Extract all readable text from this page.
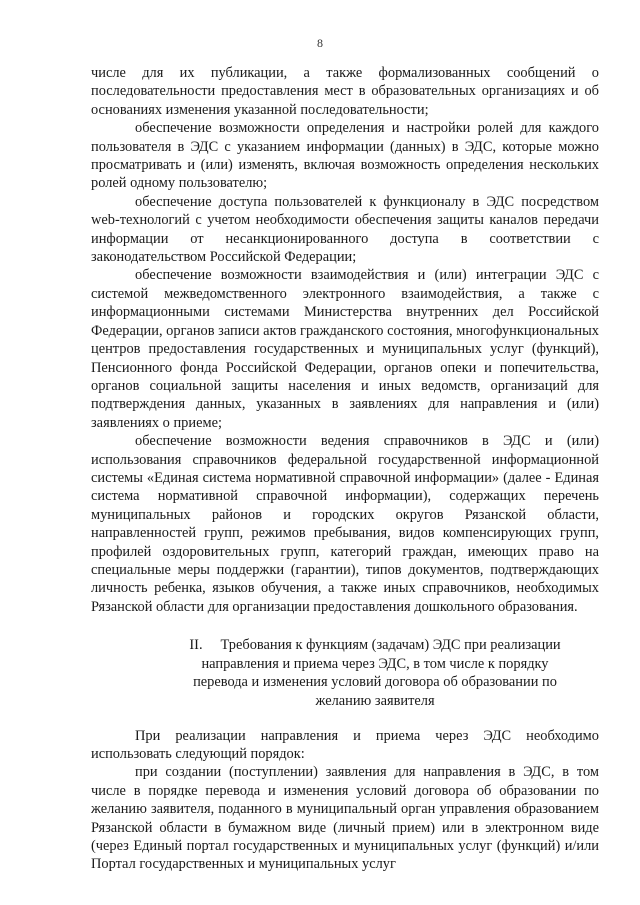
8

числе для их публикации, а также формализованных сообщений о последовательности предоставления мест в образовательных организациях и об основаниях изменения указанной последовательности;

обеспечение возможности определения и настройки ролей для каждого пользователя в ЭДС с указанием информации (данных) в ЭДС, которые можно просматривать и (или) изменять, включая возможность определения нескольких ролей одному пользователю;

обеспечение доступа пользователей к функционалу в ЭДС посредством web-технологий с учетом необходимости обеспечения защиты каналов передачи информации от несанкционированного доступа в соответствии с законодательством Российской Федерации;

обеспечение возможности взаимодействия и (или) интеграции ЭДС с системой межведомственного электронного взаимодействия, а также с информационными системами Министерства внутренних дел Российской Федерации, органов записи актов гражданского состояния, многофункциональных центров предоставления государственных и муниципальных услуг (функций), Пенсионного фонда Российской Федерации, органов опеки и попечительства, органов социальной защиты населения и иных ведомств, организаций для подтверждения данных, указанных в заявлениях для направления и (или) заявлениях о приеме;

обеспечение возможности ведения справочников в ЭДС и (или) использования справочников федеральной государственной информационной системы «Единая система нормативной справочной информации» (далее - Единая система нормативной справочной информации), содержащих перечень муниципальных районов и городских округов Рязанской области, направленностей групп, режимов пребывания, видов компенсирующих групп, профилей оздоровительных групп, категорий граждан, имеющих право на специальные меры поддержки (гарантии), типов документов, подтверждающих личность ребенка, языков обучения, а также иных справочников, необходимых Рязанской области для организации предоставления дошкольного образования.

II. Требования к функциям (задачам) ЭДС при реализации направления и приема через ЭДС, в том числе к порядку перевода и изменения условий договора об образовании по желанию заявителя

При реализации направления и приема через ЭДС необходимо использовать следующий порядок:

при создании (поступлении) заявления для направления в ЭДС, в том числе в порядке перевода и изменения условий договора об образовании по желанию заявителя, поданного в муниципальный орган управления образованием Рязанской области в бумажном виде (личный прием) или в электронном виде (через Единый портал государственных и муниципальных услуг (функций) и/или Портал государственных и муниципальных услуг
